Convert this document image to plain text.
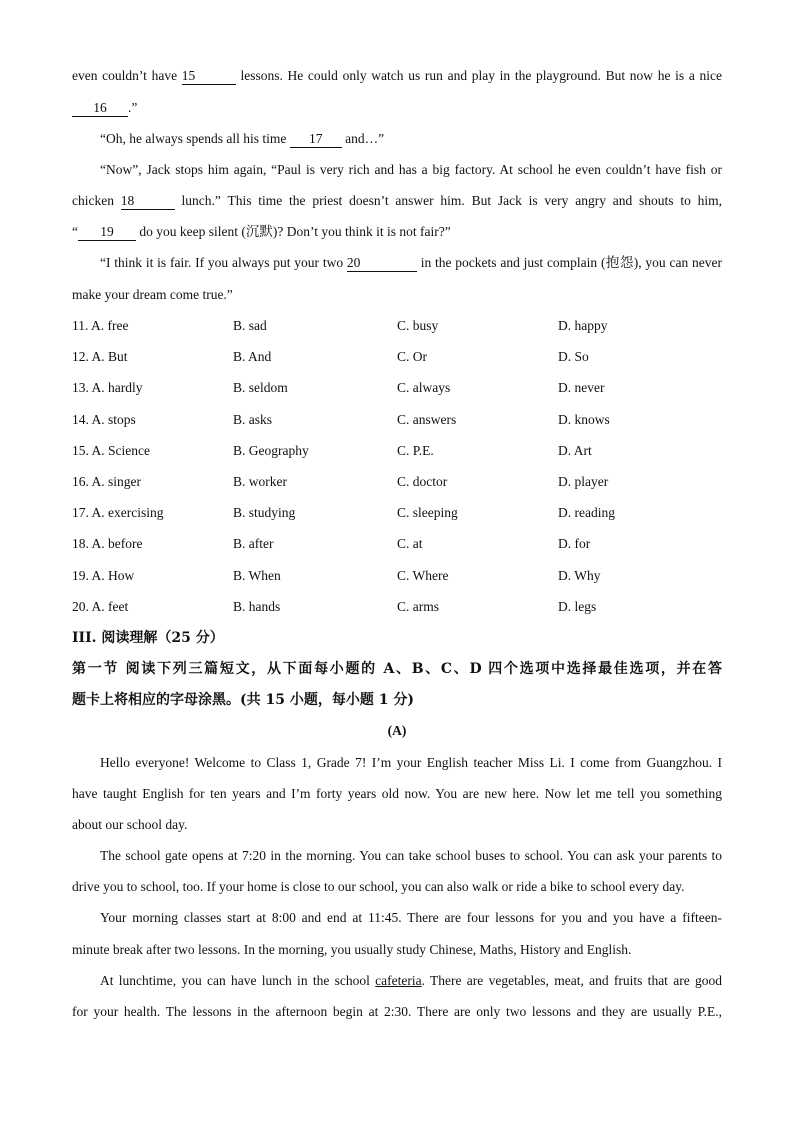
even couldn’t have 15	lessons. He could only watch us run and play in the playground. But now he is a nice
16 .”
“Oh, he always spends all his time 17 and…”
“Now”, Jack stops him again, “Paul is very rich and has a big factory. At school he even couldn’t have fish or
chicken 18	lunch.” This time the priest doesn’t answer him. But Jack is very angry and shouts to him,
“ 19 do you keep silent (沉默)? Don’t you think it is not fair?”
“I think it is fair. If you always put your two 20	in the pockets and just complain (抱怨), you can never
make your dream come true.”
11. A. free	B. sad	C. busy	D. happy
12. A. But	B. And	C. Or	D. So
13. A. hardly	B. seldom	C. always	D. never
14. A. stops	B. asks	C. answers	D. knows
15. A. Science	B. Geography	C. P.E.	D. Art
16. A. singer	B. worker	C. doctor	D. player
17. A. exercising	B. studying	C. sleeping	D. reading
18. A. before	B. after	C. at	D. for
19. A. How	B. When	C. Where	D. Why
20. A. feet	B. hands	C. arms	D. legs
III. 阅读理解（25 分）
第一节 阅读下列三篇短文，从下面每小题的 A、B、C、D 四个选项中选择最佳选项，并在答
题卡上将相应的字母涂黑。(共 15 小题，每小题 1 分)
(A)
Hello everyone! Welcome to Class 1, Grade 7! I’m your English teacher Miss Li. I come from Guangzhou. I
have taught English for ten years and I’m forty years old now. You are new here. Now let me tell you something
about our school day.
The school gate opens at 7:20 in the morning. You can take school buses to school. You can ask your parents to
drive you to school, too. If your home is close to our school, you can also walk or ride a bike to school every day.
Your morning classes start at 8:00 and end at 11:45. There are four lessons for you and you have a fifteen-
minute break after two lessons. In the morning, you usually study Chinese, Maths, History and English.
At lunchtime, you can have lunch in the school cafeteria. There are vegetables, meat, and fruits that are good
for your health. The lessons in the afternoon begin at 2:30. There are only two lessons and they are usually P.E.,
